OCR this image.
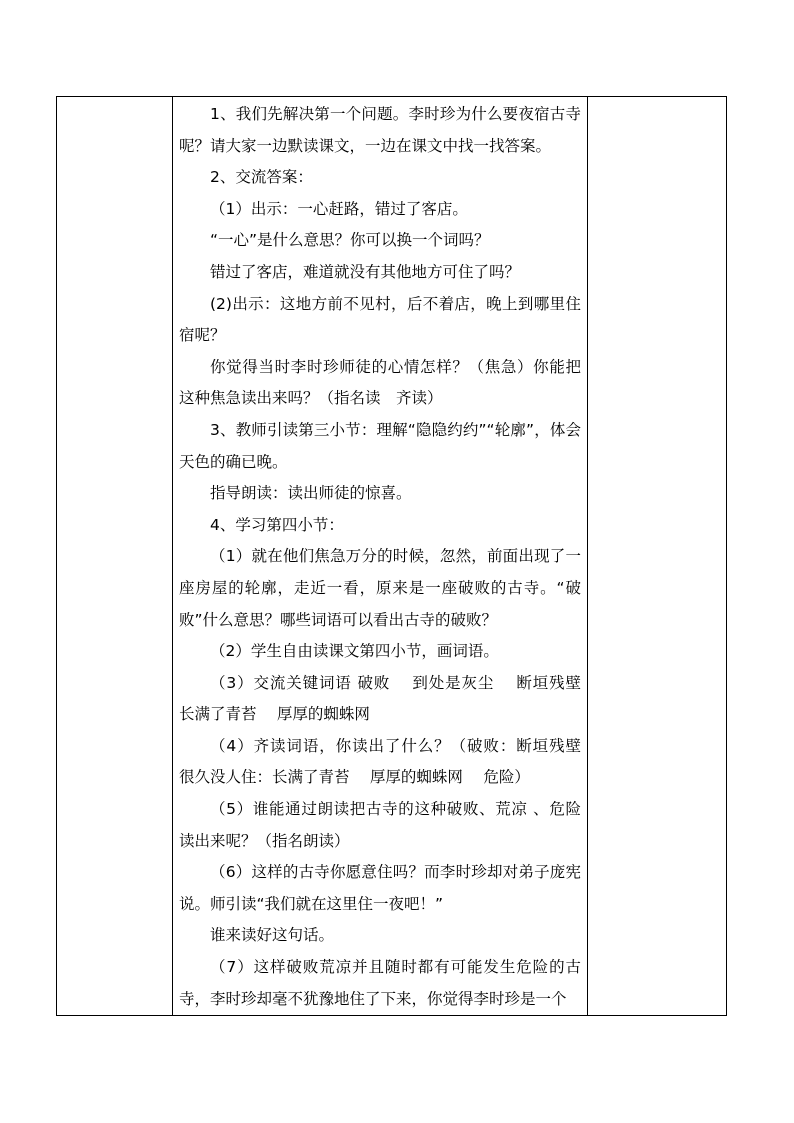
1、我们先解决第一个问题。李时珍为什么要夜宿古寺呢？请大家一边默读课文，一边在课文中找一找答案。

2、交流答案：

（1）出示：一心赶路，错过了客店。

“一心”是什么意思？你可以换一个词吗？

错过了客店，难道就没有其他地方可住了吗？

(2)出示：这地方前不见村，后不着店，晚上到哪里住宿呢？

你觉得当时李时珍师徒的心情怎样？（焦急）你能把这种焦急读出来吗？（指名读　齐读）

3、教师引读第三小节：理解“隐隐约约”“轮廓”，体会天色的确已晚。

指导朗读：读出师徒的惊喜。

4、学习第四小节：

（1）就在他们焦急万分的时候，忽然，前面出现了一座房屋的轮廓，走近一看，原来是一座破败的古寺。“破败”什么意思？哪些词语可以看出古寺的破败？

（2）学生自由读课文第四小节，画词语。

（3）交流关键词语 破败　 到处是灰尘　 断垣残壁　 长满了青苔　 厚厚的蜘蛛网

（4）齐读词语，你读出了什么？（破败：断垣残壁　很久没人住：长满了青苔　 厚厚的蜘蛛网　 危险）

（5）谁能通过朗读把古寺的这种破败、荒凉 、危险读出来呢？（指名朗读）

（6）这样的古寺你愿意住吗？而李时珍却对弟子庞宪说。师引读“我们就在这里住一夜吧！”

谁来读好这句话。

（7）这样破败荒凉并且随时都有可能发生危险的古寺，李时珍却毫不犹豫地住了下来，你觉得李时珍是一个
